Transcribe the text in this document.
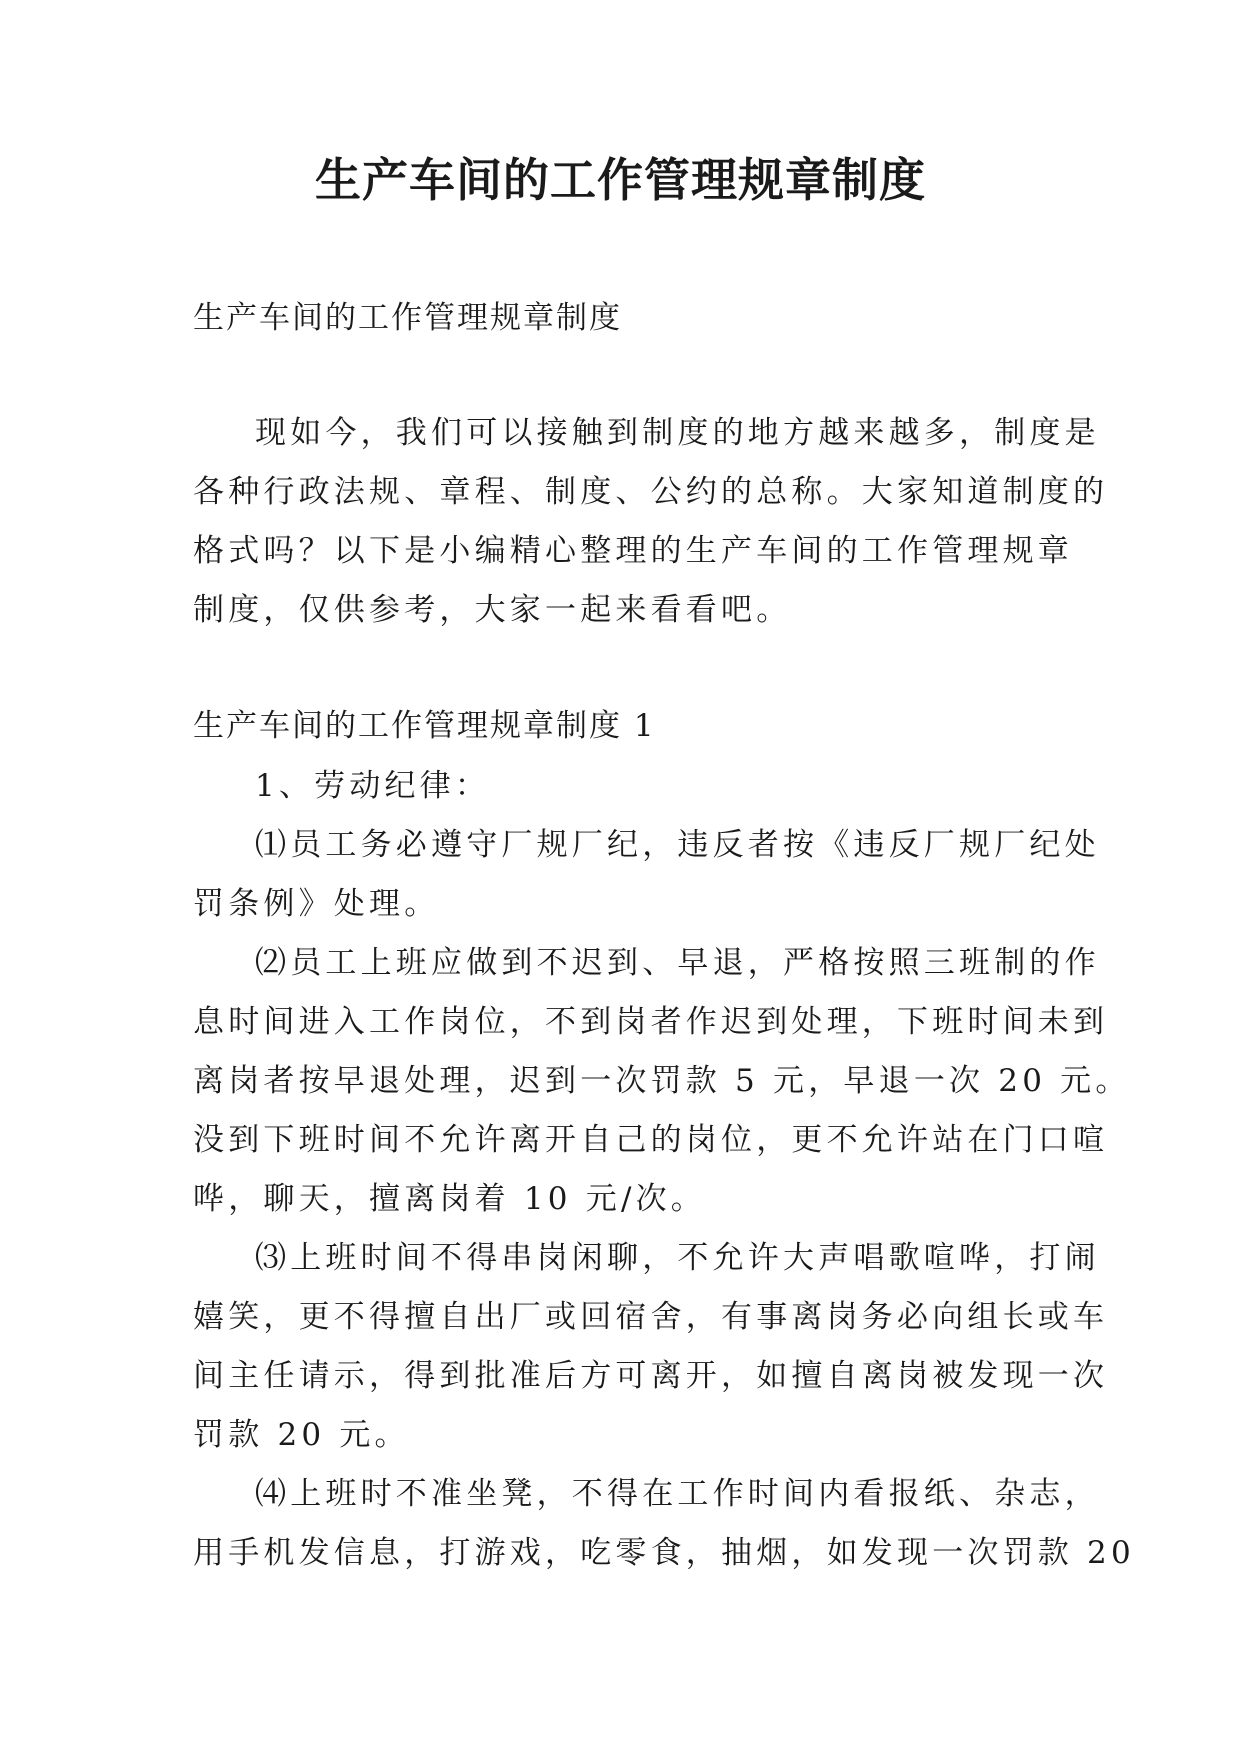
生产车间的工作管理规章制度
生产车间的工作管理规章制度
现如今，我们可以接触到制度的地方越来越多，制度是
各种行政法规、章程、制度、公约的总称。大家知道制度的
格式吗？以下是小编精心整理的生产车间的工作管理规章
制度，仅供参考，大家一起来看看吧。
生产车间的工作管理规章制度 1
1、劳动纪律：
⑴员工务必遵守厂规厂纪，违反者按《违反厂规厂纪处
罚条例》处理。
⑵员工上班应做到不迟到、早退，严格按照三班制的作
息时间进入工作岗位，不到岗者作迟到处理，下班时间未到
离岗者按早退处理，迟到一次罚款 5 元，早退一次 20 元。
没到下班时间不允许离开自己的岗位，更不允许站在门口喧
哗，聊天，擅离岗着 10 元/次。
⑶上班时间不得串岗闲聊，不允许大声唱歌喧哗，打闹
嬉笑，更不得擅自出厂或回宿舍，有事离岗务必向组长或车
间主任请示，得到批准后方可离开，如擅自离岗被发现一次
罚款 20 元。
⑷上班时不准坐凳，不得在工作时间内看报纸、杂志，
用手机发信息，打游戏，吃零食，抽烟，如发现一次罚款 20
